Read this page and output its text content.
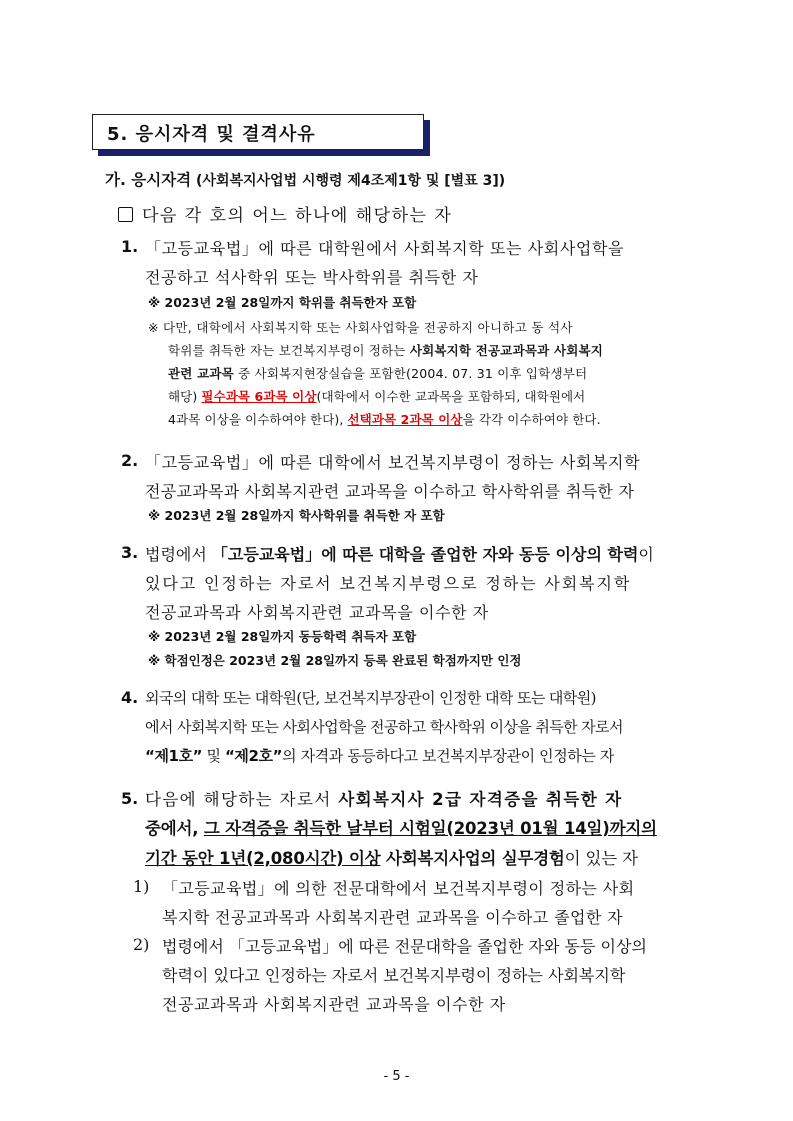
5. 응시자격 및 결격사유
가. 응시자격 (사회복지사업법 시행령 제4조제1항 및 [별표 3])
다음 각 호의 어느 하나에 해당하는 자
1. 「고등교육법」에 따른 대학원에서 사회복지학 또는 사회사업학을
전공하고 석사학위 또는 박사학위를 취득한 자
※ 2023년 2월 28일까지 학위를 취득한자 포함
※ 다만, 대학에서 사회복지학 또는 사회사업학을 전공하지 아니하고 동 석사
학위를 취득한 자는 보건복지부령이 정하는 사회복지학 전공교과목과 사회복지
관련 교과목 중 사회복지현장실습을 포함한(2004. 07. 31 이후 입학생부터
해당) 필수과목 6과목 이상(대학에서 이수한 교과목을 포함하되, 대학원에서
4과목 이상을 이수하여야 한다), 선택과목 2과목 이상을 각각 이수하여야 한다.
2. 「고등교육법」에 따른 대학에서 보건복지부령이 정하는 사회복지학
전공교과목과 사회복지관련 교과목을 이수하고 학사학위를 취득한 자
※ 2023년 2월 28일까지 학사학위를 취득한 자 포함
3. 법령에서 「고등교육법」에 따른 대학을 졸업한 자와 동등 이상의 학력이
있다고 인정하는 자로서 보건복지부령으로 정하는 사회복지학
전공교과목과 사회복지관련 교과목을 이수한 자
※ 2023년 2월 28일까지 동등학력 취득자 포함
※ 학점인정은 2023년 2월 28일까지 등록 완료된 학점까지만 인정
4. 외국의 대학 또는 대학원(단, 보건복지부장관이 인정한 대학 또는 대학원)
에서 사회복지학 또는 사회사업학을 전공하고 학사학위 이상을 취득한 자로서
“제1호” 및 “제2호”의 자격과 동등하다고 보건복지부장관이 인정하는 자
5. 다음에 해당하는 자로서 사회복지사 2급 자격증을 취득한 자
중에서, 그 자격증을 취득한 날부터 시험일(2023년 01월 14일)까지의
기간 동안 1년(2,080시간) 이상 사회복지사업의 실무경험이 있는 자
1) 「고등교육법」에 의한 전문대학에서 보건복지부령이 정하는 사회
복지학 전공교과목과 사회복지관련 교과목을 이수하고 졸업한 자
2) 법령에서 「고등교육법」에 따른 전문대학을 졸업한 자와 동등 이상의
학력이 있다고 인정하는 자로서 보건복지부령이 정하는 사회복지학
전공교과목과 사회복지관련 교과목을 이수한 자
- 5 -
